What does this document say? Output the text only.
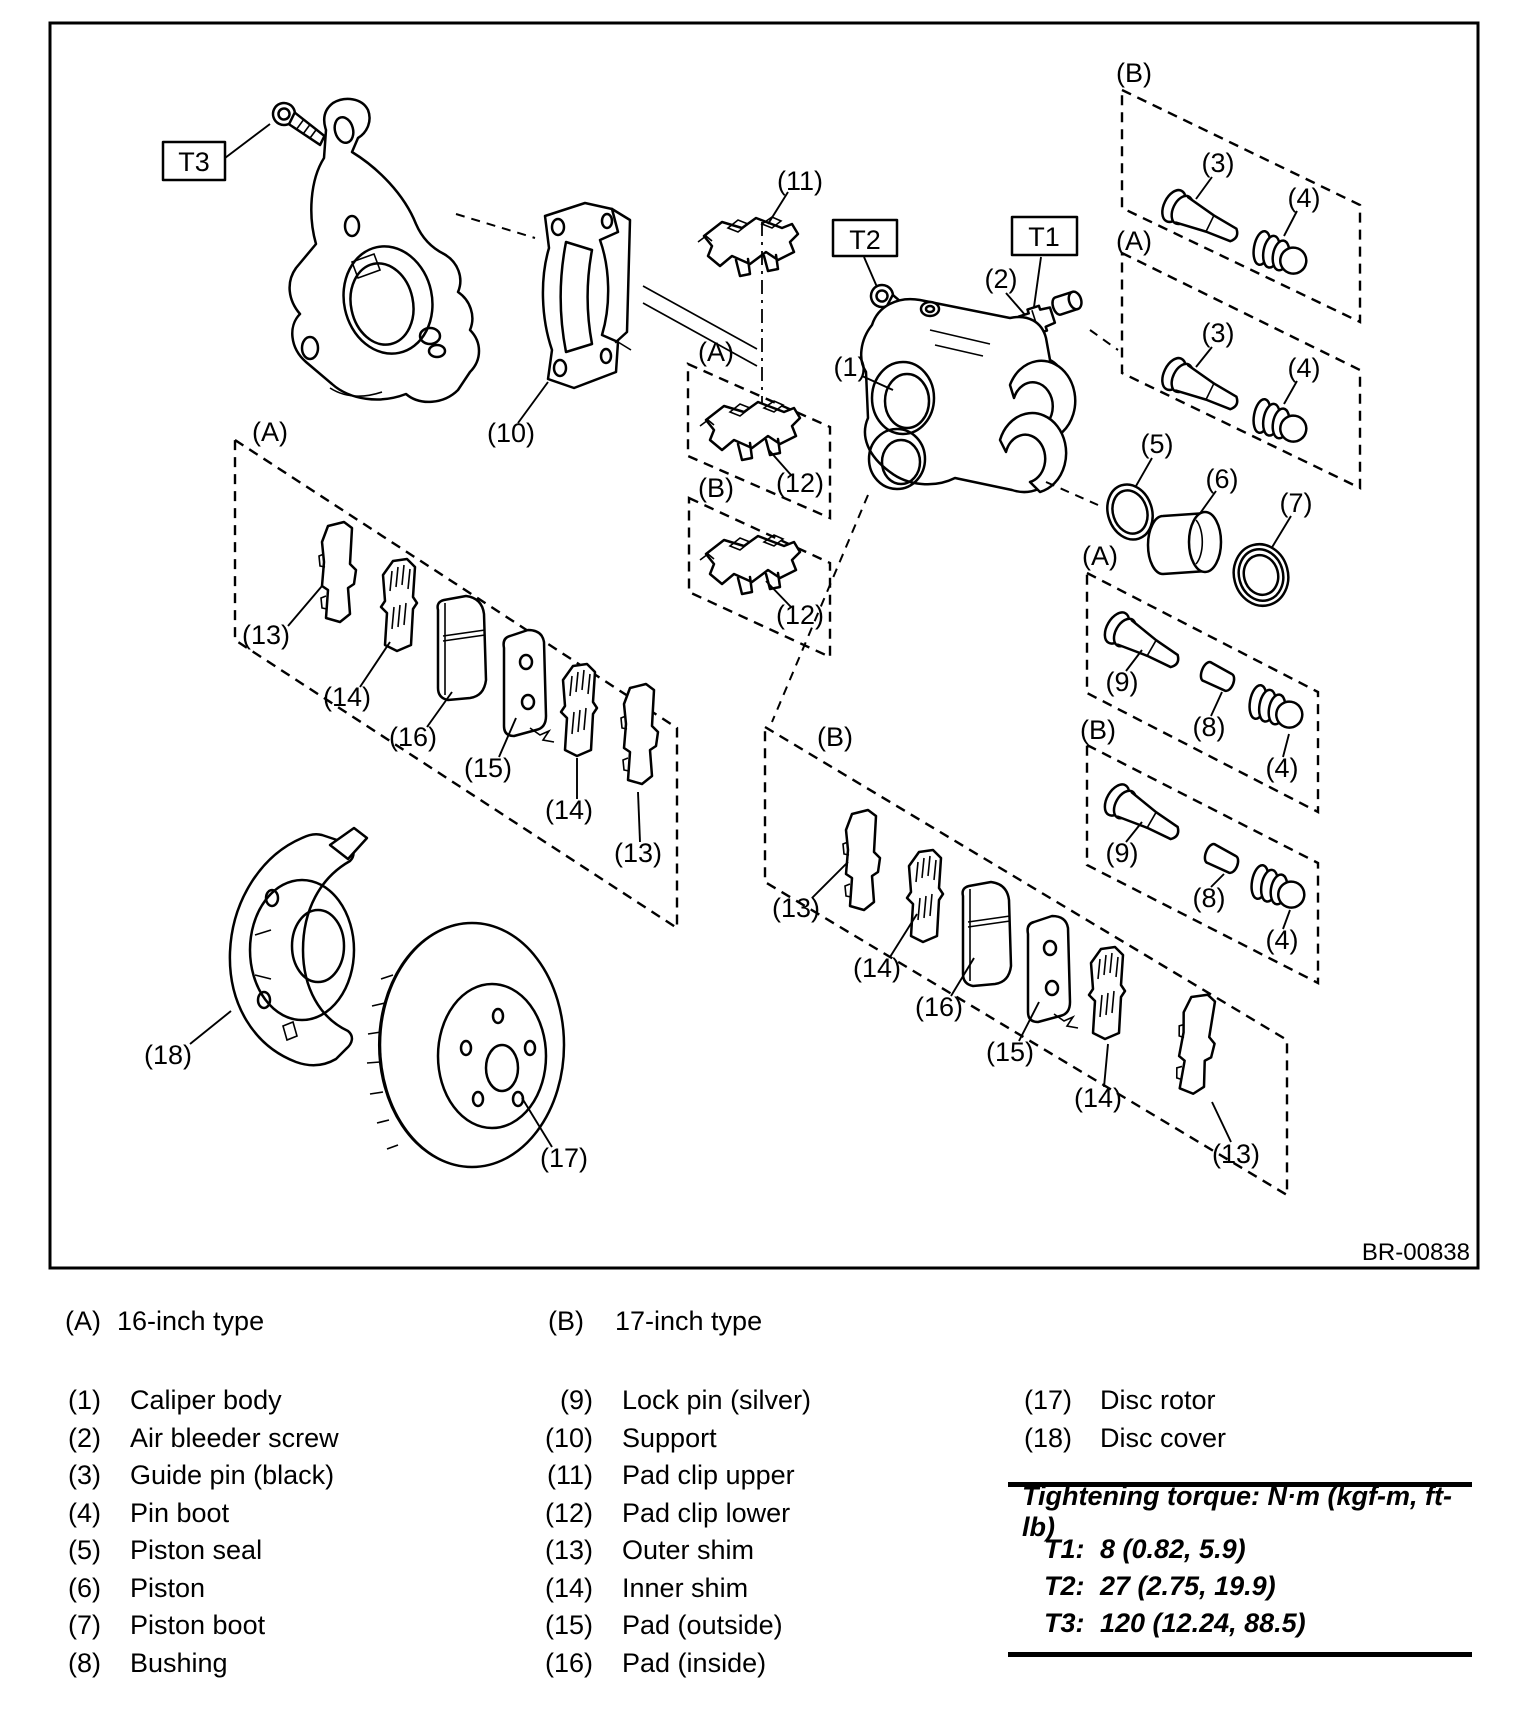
T3
(10)
(11)
(A)
(12)
(B)
(12)
T2	T1
(2)
(1)
(B)
(3)
(4)
(A)
(3)
(4)
(5)
(6)
(7)
(A)
(9)
(8)
(4)
(B)
(9)
(8)
(4)
(A)
(13)
(14)
(16)
(15)
(14)
(13)
(B)
(13)
(14)
(16)
(15)
(14)
(13)
(18)
(17)
BR-00838
(A) 16-inch type	(B)	17-inch type
(1)	Caliper body
(2)	Air bleeder screw
(3)	Guide pin (black)
(4)	Pin boot
(5)	Piston seal
(6)	Piston
(7)	Piston boot
(8)	Bushing
(9) Lock pin (silver)
(10) Support
(11) Pad clip upper
(12) Pad clip lower
(13) Outer shim
(14) Inner shim
(15) Pad (outside)
(16) Pad (inside)
(17) Disc rotor
(18) Disc cover
Tightening torque: N·m (kgf-m, ft-lb)
T1: 8 (0.82, 5.9)
T2: 27 (2.75, 19.9)
T3: 120 (12.24, 88.5)
